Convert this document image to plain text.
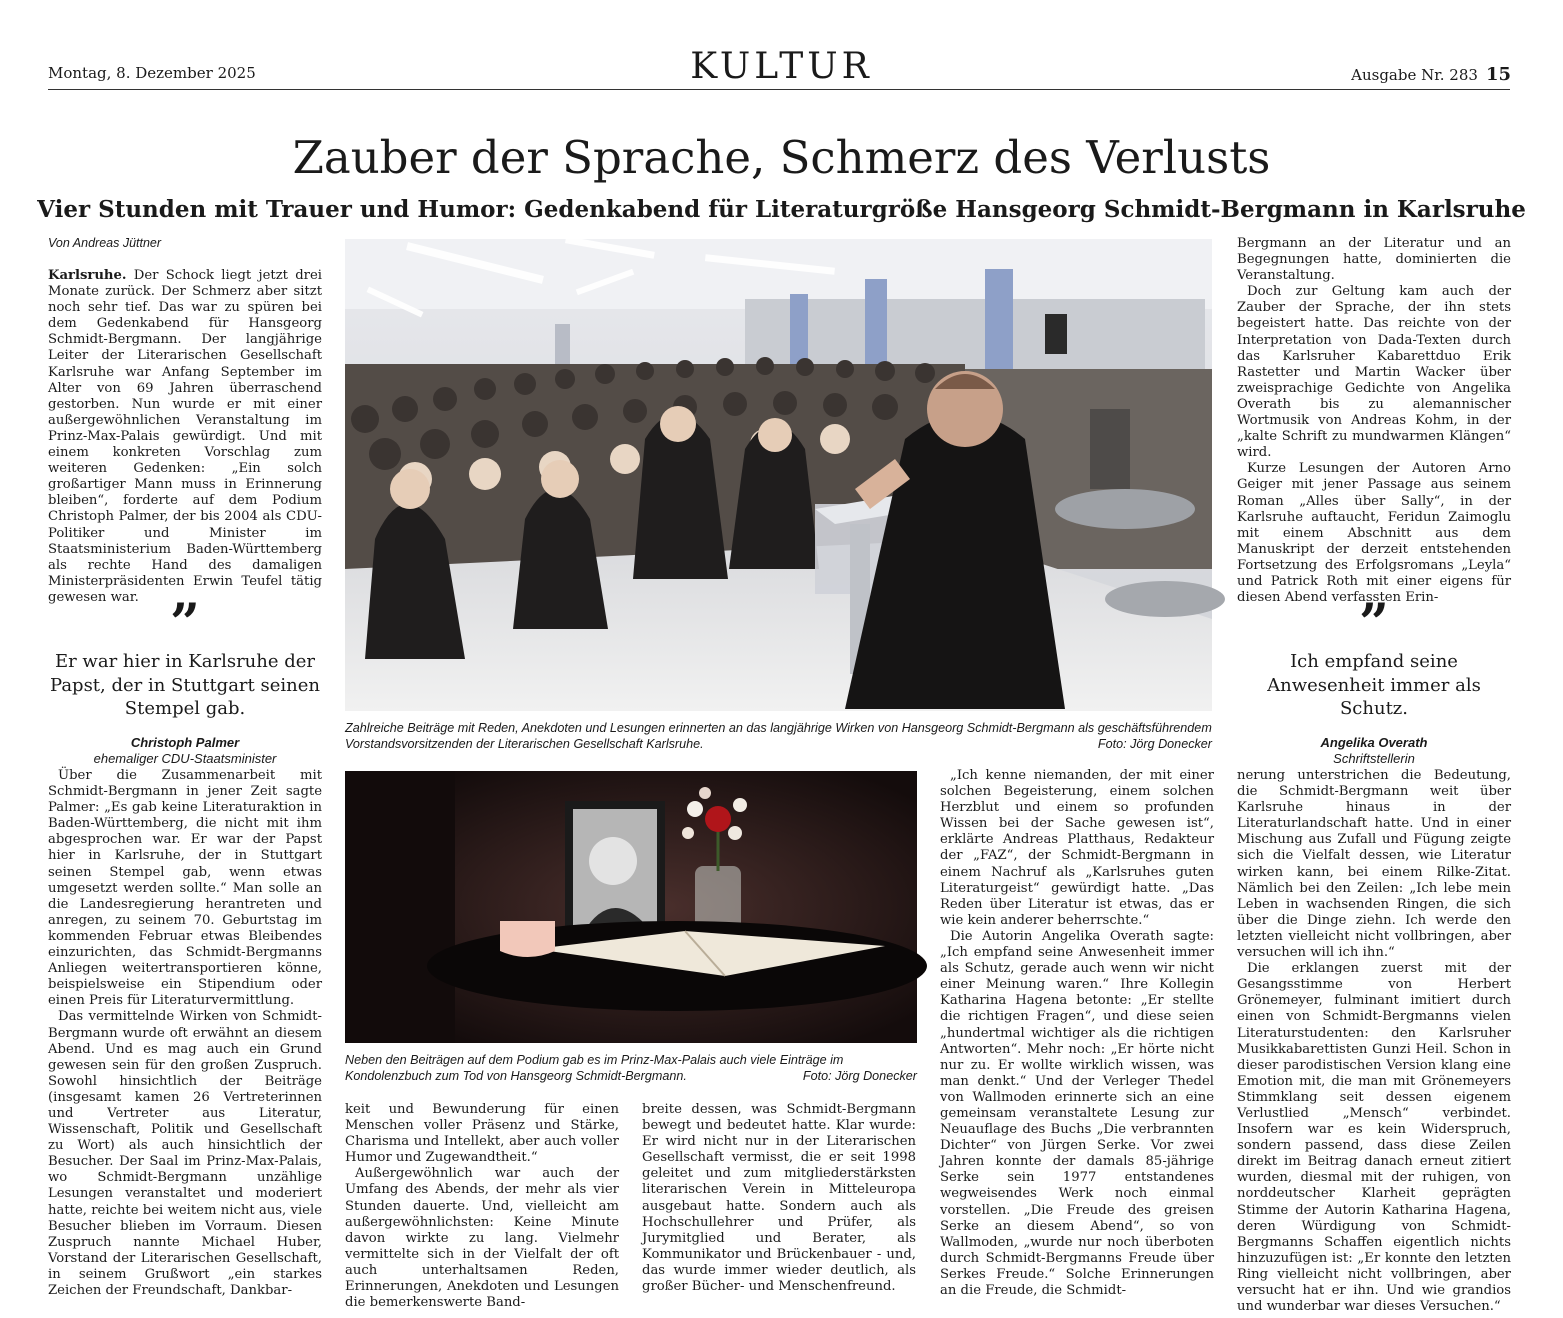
Montag, 8. Dezember 2025	KULTUR	Ausgabe Nr. 283 15
Zauber der Sprache, Schmerz des Verlusts
Vier Stunden mit Trauer und Humor: Gedenkabend für Literaturgröße Hansgeorg Schmidt-Bergmann in Karlsruhe
Von Andreas Jüttner

Karlsruhe. Der Schock liegt jetzt drei Monate zurück. Der Schmerz aber sitzt noch sehr tief. Das war zu spüren bei dem Gedenkabend für Hansgeorg Schmidt-Bergmann. Der langjährige Leiter der Literarischen Gesellschaft Karlsruhe war Anfang September im Alter von 69 Jahren überraschend gestorben. Nun wurde er mit einer außergewöhnlichen Veranstaltung im Prinz-Max-Palais gewürdigt. Und mit einem konkreten Vorschlag zum weiteren Gedenken: „Ein solch großartiger Mann muss in Erinnerung bleiben“, forderte auf dem Podium Christoph Palmer, der bis 2004 als CDU-Politiker und Minister im Staatsministerium Baden-Württemberg als rechte Hand des damaligen Ministerpräsidenten Erwin Teufel tätig gewesen war. ”
Er war hier in Karlsruhe der Papst, der in Stuttgart seinen Stempel gab.
Christoph Palmer
ehemaliger CDU-Staatsminister
Zahlreiche Beiträge mit Reden, Anekdoten und Lesungen erinnerten an das langjährige Wirken von Hansgeorg Schmidt-Bergmann als geschäftsführendem Vorstandsvorsitzenden der Literarischen Gesellschaft Karlsruhe.	Foto: Jörg Donecker

Bergmann an der Literatur und an Begegnungen hatte, dominierten die Veranstaltung.

Doch zur Geltung kam auch der Zauber der Sprache, der ihn stets begeistert hatte. Das reichte von der Interpretation von Dada-Texten durch das Karlsruher Kabarettduo Erik Rastetter und Martin Wacker über zweisprachige Gedichte von Angelika Overath bis zu alemannischer Wortmusik von Andreas Kohm, in der „kalte Schrift zu mundwarmen Klängen“ wird.

Kurze Lesungen der Autoren Arno Geiger mit jener Passage aus seinem Roman „Alles über Sally“, in der Karlsruhe auftaucht, Feridun Zaimoglu mit einem Abschnitt aus dem Manuskript der derzeit entstehenden Fortsetzung des Erfolgsromans „Leyla“ und Patrick Roth mit einer eigens für diesen Abend verfassten Erin-

”
Ich empfand seine Anwesenheit immer als Schutz.
Angelika Overath
Schriftstellerin

Über die Zusammenarbeit mit Schmidt-Bergmann in jener Zeit sagte Palmer: „Es gab keine Literaturaktion in Baden-Württemberg, die nicht mit ihm abgesprochen war. Er war der Papst hier in Karlsruhe, der in Stuttgart seinen Stempel gab, wenn etwas umgesetzt werden sollte.“ Man solle an die Landesregierung herantreten und anregen, zu seinem 70. Geburtstag im kommenden Februar etwas Bleibendes einzurichten, das Schmidt-Bergmanns Anliegen weitertransportieren könne, beispielsweise ein Stipendium oder einen Preis für Literaturvermittlung.

Das vermittelnde Wirken von Schmidt-Bergmann wurde oft erwähnt an diesem Abend. Und es mag auch ein Grund gewesen sein für den großen Zuspruch. Sowohl hinsichtlich der Beiträge (insgesamt kamen 26 Vertreterinnen und Vertreter aus Literatur, Wissenschaft, Politik und Gesellschaft zu Wort) als auch hinsichtlich der Besucher. Der Saal im Prinz-Max-Palais, wo Schmidt-Bergmann unzählige Lesungen veranstaltet und moderiert hatte, reichte bei weitem nicht aus, viele Besucher blieben im Vorraum. Diesen Zuspruch nannte Michael Huber, Vorstand der Literarischen Gesellschaft, in seinem Grußwort „ein starkes Zeichen der Freundschaft, Dankbar-

Neben den Beiträgen auf dem Podium gab es im Prinz-Max-Palais auch viele Einträge im Kondolenzbuch zum Tod von Hansgeorg Schmidt-Bergmann.	Foto: Jörg Donecker

keit und Bewunderung für einen Menschen voller Präsenz und Stärke, Charisma und Intellekt, aber auch voller Humor und Zugewandtheit.“

Außergewöhnlich war auch der Umfang des Abends, der mehr als vier Stunden dauerte. Und, vielleicht am außergewöhnlichsten: Keine Minute davon wirkte zu lang. Vielmehr vermittelte sich in der Vielfalt der oft auch unterhaltsamen Reden, Erinnerungen, Anekdoten und Lesungen die bemerkenswerte Band-

breite dessen, was Schmidt-Bergmann bewegt und bedeutet hatte. Klar wurde: Er wird nicht nur in der Literarischen Gesellschaft vermisst, die er seit 1998 geleitet und zum mitgliederstärksten literarischen Verein in Mitteleuropa ausgebaut hatte. Sondern auch als Hochschullehrer und Prüfer, als Jurymitglied und Berater, als Kommunikator und Brückenbauer - und, das wurde immer wieder deutlich, als großer Bücher- und Menschenfreund.

„Ich kenne niemanden, der mit einer solchen Begeisterung, einem solchen Herzblut und einem so profunden Wissen bei der Sache gewesen ist“, erklärte Andreas Platthaus, Redakteur der „FAZ“, der Schmidt-Bergmann in einem Nachruf als „Karlsruhes guten Literaturgeist“ gewürdigt hatte. „Das Reden über Literatur ist etwas, das er wie kein anderer beherrschte.“

Die Autorin Angelika Overath sagte: „Ich empfand seine Anwesenheit immer als Schutz, gerade auch wenn wir nicht einer Meinung waren.“ Ihre Kollegin Katharina Hagena betonte: „Er stellte die richtigen Fragen“, und diese seien „hundertmal wichtiger als die richtigen Antworten“. Mehr noch: „Er hörte nicht nur zu. Er wollte wirklich wissen, was man denkt.“ Und der Verleger Thedel von Wallmoden erinnerte sich an eine gemeinsam veranstaltete Lesung zur Neuauflage des Buchs „Die verbrannten Dichter“ von Jürgen Serke. Vor zwei Jahren konnte der damals 85-jährige Serke sein 1977 entstandenes wegweisendes Werk noch einmal vorstellen. „Die Freude des greisen Serke an diesem Abend“, so von Wallmoden, „wurde nur noch überboten durch Schmidt-Bergmanns Freude über Serkes Freude.“ Solche Erinnerungen an die Freude, die Schmidt-

nerung unterstrichen die Bedeutung, die Schmidt-Bergmann weit über Karlsruhe hinaus in der Literaturlandschaft hatte. Und in einer Mischung aus Zufall und Fügung zeigte sich die Vielfalt dessen, wie Literatur wirken kann, bei einem Rilke-Zitat. Nämlich bei den Zeilen: „Ich lebe mein Leben in wachsenden Ringen, die sich über die Dinge ziehn. Ich werde den letzten vielleicht nicht vollbringen, aber versuchen will ich ihn.“

Die erklangen zuerst mit der Gesangsstimme von Herbert Grönemeyer, fulminant imitiert durch einen von Schmidt-Bergmanns vielen Literaturstudenten: den Karlsruher Musikkabarettisten Gunzi Heil. Schon in dieser parodistischen Version klang eine Emotion mit, die man mit Grönemeyers Stimmklang seit dessen eigenem Verlustlied „Mensch“ verbindet. Insofern war es kein Widerspruch, sondern passend, dass diese Zeilen direkt im Beitrag danach erneut zitiert wurden, diesmal mit der ruhigen, von norddeutscher Klarheit geprägten Stimme der Autorin Katharina Hagena, deren Würdigung von Schmidt-Bergmanns Schaffen eigentlich nichts hinzuzufügen ist: „Er konnte den letzten Ring vielleicht nicht vollbringen, aber versucht hat er ihn. Und wie grandios und wunderbar war dieses Versuchen.“
